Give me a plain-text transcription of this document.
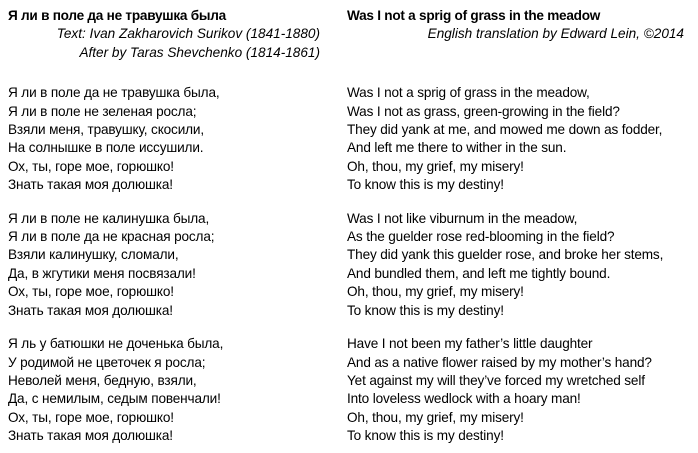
Я ли в поле да не травушка была
Text: Ivan Zakharovich Surikov (1841-1880)
After by Taras Shevchenko (1814-1861)
Я ли в поле да не травушка была,
Я ли в поле не зеленая росла;
Взяли меня, травушку, скосили,
На солнышке в поле иссушили.
Ох, ты, горе мое, горюшко!
Знать такая моя долюшка!
Я ли в поле не калинушка была,
Я ли в поле да не красная росла;
Взяли калинушку, сломали,
Да, в жгутики меня посвязали!
Ох, ты, горе мое, горюшко!
Знать такая моя долюшка!
Я ль у батюшки не доченька была,
У родимой не цветочек я росла;
Неволей меня, бедную, взяли,
Да, с немилым, седым повенчали!
Ох, ты, горе мое, горюшко!
Знать такая моя долюшка!
Was I not a sprig of grass in the meadow
English translation by Edward Lein, ©2014

Was I not a sprig of grass in the meadow,
Was I not as grass, green-growing in the field?
They did yank at me, and mowed me down as fodder,
And left me there to wither in the sun.
Oh, thou, my grief, my misery!
To know this is my destiny!
Was I not like viburnum in the meadow,
As the guelder rose red-blooming in the field?
They did yank this guelder rose, and broke her stems,
And bundled them, and left me tightly bound.
Oh, thou, my grief, my misery!
To know this is my destiny!
Have I not been my father’s little daughter
And as a native flower raised by my mother’s hand?
Yet against my will they’ve forced my wretched self
Into loveless wedlock with a hoary man!
Oh, thou, my grief, my misery!
To know this is my destiny!
